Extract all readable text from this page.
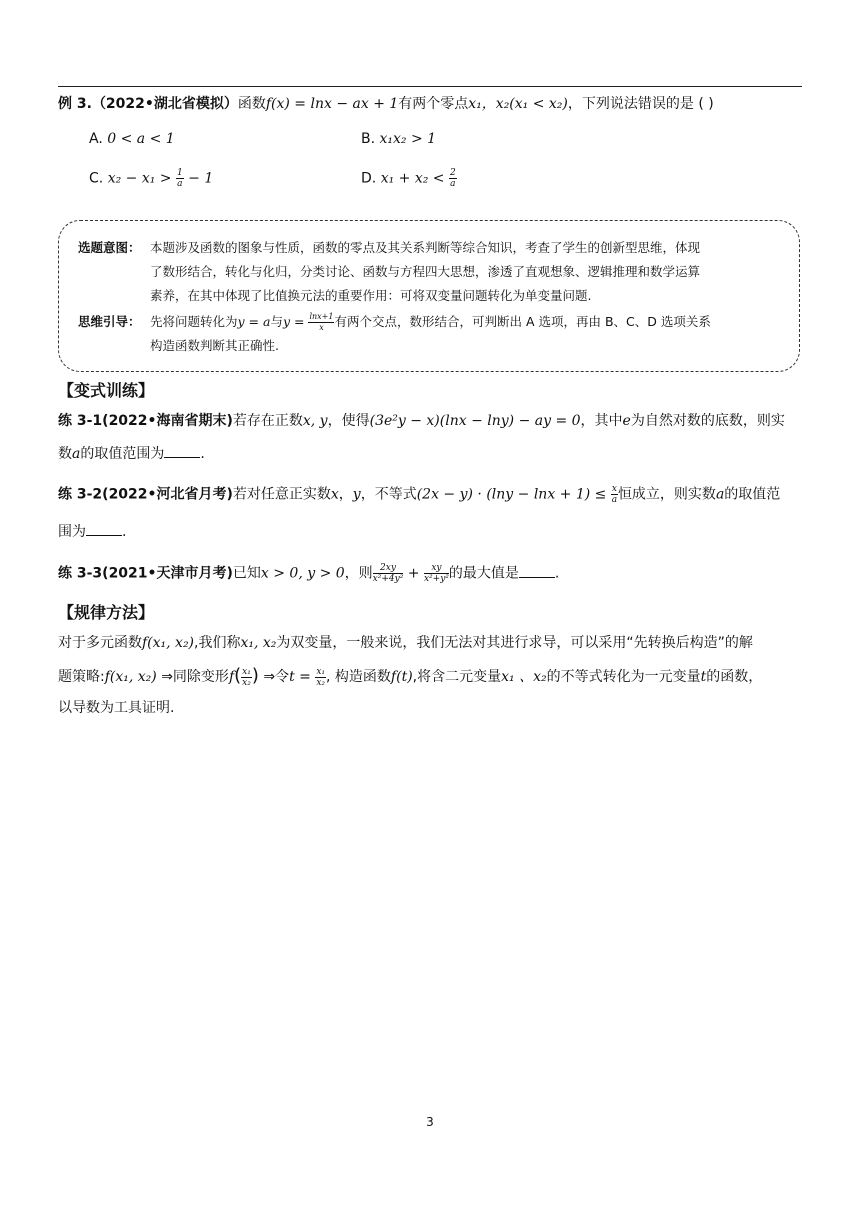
例 3.（2022•湖北省模拟）函数f(x) = lnx − ax + 1有两个零点x₁，x₂(x₁ < x₂)，下列说法错误的是 ( )
A. 0 < a < 1	B. x₁x₂ > 1
C. $x_2 - x_1 > \frac{1}{a} - 1$	D. $x_1 + x_2 < \frac{2}{a}$
选题意图： 本题涉及函数的图象与性质，函数的零点及其关系判断等综合知识，考查了学生的创新型思维，体现
了数形结合，转化与化归，分类讨论、函数与方程四大思想，渗透了直观想象、逻辑推理和数学运算
素养，在其中体现了比值换元法的重要作用：可将双变量问题转化为单变量问题.
思维引导： 先将问题转化为y = a与$y = \frac{\ln x+1}{x}$ 有两个交点，数形结合，可判断出 A 选项，再由 B、C、D 选项关系
构造函数判断其正确性.
【变式训练】
练 3-1(2022•海南省期末)若存在正数x, y，使得(3e²y − x)(lnx − lny) − ay = 0，其中e为自然对数的底数，则实
数a的取值范围为	.
练 3-2(2022•河北省月考)若对任意正实数x，y，不等式$(2x - y) \cdot (\ln y - \ln x + 1) \le \frac{x}{a}$ 恒成立，则实数a的取值范
围为	.
练 3-3(2021•天津市月考)已知x > 0, y > 0，则 $\frac{2xy}{\text{x²+4y²}} + \frac{xy}{\text{x²+y²}}$ 的最大值是	.
【规律方法】
对于多元函数f(x₁, x₂),我们称x₁, x₂为双变量，一般来说，我们无法对其进行求导，可以采用“先转换后构造”的解
题策略:f(x₁, x₂) ⇒同除变形$f( \frac{\text{x₁}}{\text{x₂}}$ ) ⇒令$t = \frac{\text{x₁}}{\text{x₂}}$ , 构造函数f(t),将含二元变量x₁ 、x₂的不等式转化为一元变量t的函数，
以导数为工具证明.
3
